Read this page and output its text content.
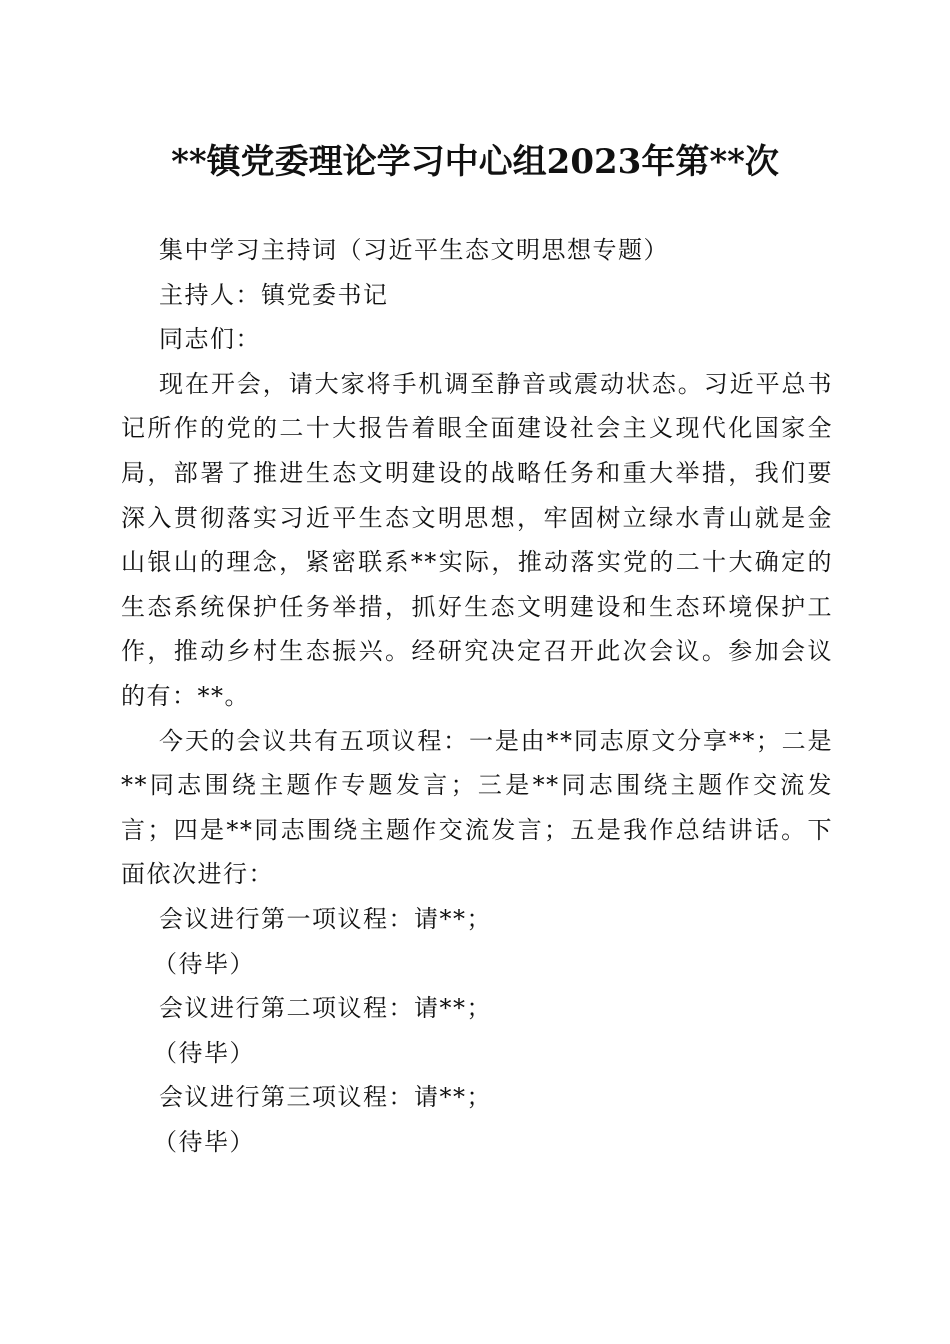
**镇党委理论学习中心组2023年第**次

集中学习主持词（习近平生态文明思想专题）

主持人：镇党委书记

同志们：

现在开会，请大家将手机调至静音或震动状态。习近平总书记所作的党的二十大报告着眼全面建设社会主义现代化国家全局，部署了推进生态文明建设的战略任务和重大举措，我们要深入贯彻落实习近平生态文明思想，牢固树立绿水青山就是金山银山的理念，紧密联系**实际，推动落实党的二十大确定的生态系统保护任务举措，抓好生态文明建设和生态环境保护工作，推动乡村生态振兴。经研究决定召开此次会议。参加会议的有：**。

今天的会议共有五项议程：一是由**同志原文分享**；二是**同志围绕主题作专题发言；三是**同志围绕主题作交流发言；四是**同志围绕主题作交流发言；五是我作总结讲话。下面依次进行：

会议进行第一项议程：请**；

（待毕）

会议进行第二项议程：请**；

（待毕）

会议进行第三项议程：请**；

（待毕）
